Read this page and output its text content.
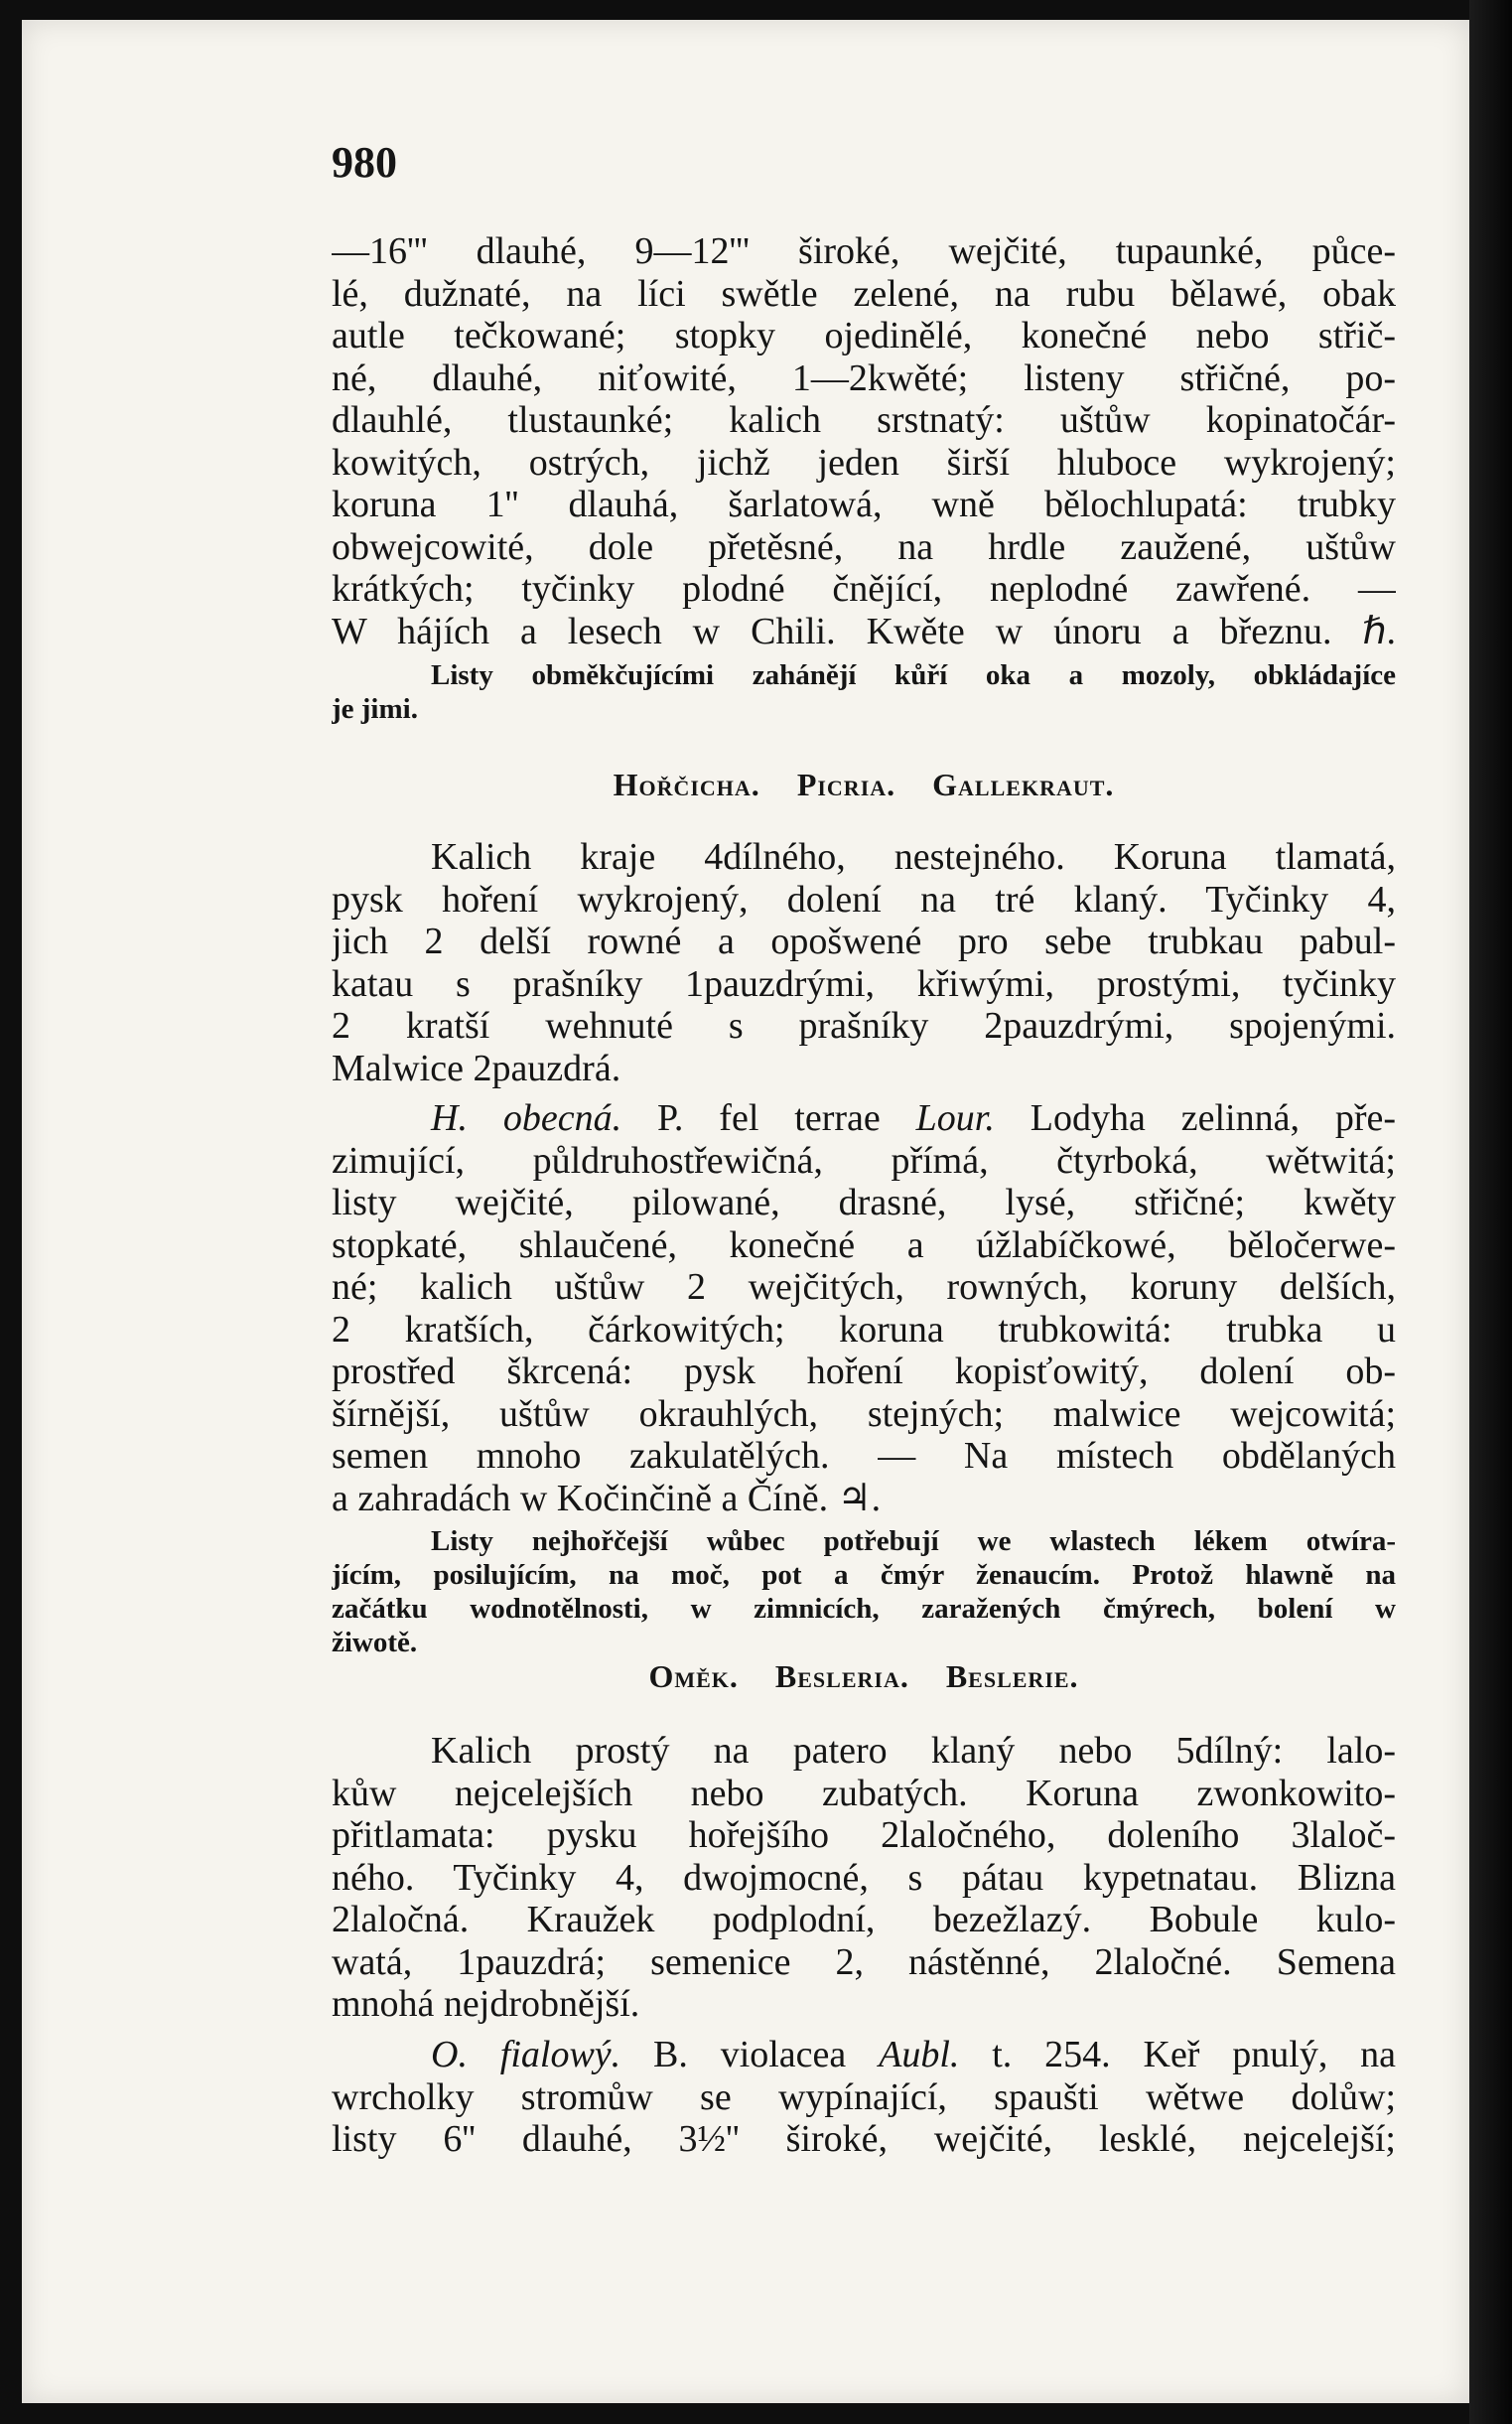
980
—16''' dlauhé, 9—12''' široké, wejčité, tupaunké, půce-
lé, dužnaté, na líci swětle zelené, na rubu bělawé, obak
autle tečkowané; stopky ojedinělé, konečné nebo střič-
né, dlauhé, niťowité, 1—2kwěté; listeny střičné, po-
dlauhlé, tlustaunké; kalich srstnatý: uštůw kopinatočár-
kowitých, ostrých, jichž jeden širší hluboce wykrojený;
koruna 1'' dlauhá, šarlatowá, wně bělochlupatá: trubky
obwejcowité, dole přetěsné, na hrdle zaužené, uštůw
krátkých; tyčinky plodné čnějící, neplodné zawřené. —
W hájích a lesech w Chili. Kwěte w únoru a březnu. ℏ.
Listy obměkčujícími zahánějí kůří oka a mozoly, obkládajíce
je jimi.
Hořčicha. Picria. Gallekraut.
Kalich kraje 4dílného, nestejného. Koruna tlamatá,
pysk hoření wykrojený, dolení na tré klaný. Tyčinky 4,
jich 2 delší rowné a opošwené pro sebe trubkau pabul-
katau s prašníky 1pauzdrými, křiwými, prostými, tyčinky
2 kratší wehnuté s prašníky 2pauzdrými, spojenými.
Malwice 2pauzdrá.
H. obecná. P. fel terrae Lour. Lodyha zelinná, pře-
zimující, půldruhostřewičná, přímá, čtyrboká, wětwitá;
listy wejčité, pilowané, drasné, lysé, střičné; kwěty
stopkaté, shlaučené, konečné a úžlabíčkowé, běločerwe-
né; kalich uštůw 2 wejčitých, rowných, koruny delších,
2 kratších, čárkowitých; koruna trubkowitá: trubka u
prostřed škrcená: pysk hoření kopisťowitý, dolení ob-
šírnější, uštůw okrauhlých, stejných; malwice wejcowitá;
semen mnoho zakulatělých. — Na místech obdělaných
a zahradách w Kočinčině a Číně. ♃.
Listy nejhořčejší wůbec potřebují we wlastech lékem otwíra-
jícím, posilujícím, na moč, pot a čmýr ženaucím. Protož hlawně na
začátku wodnotělnosti, w zimnicích, zaražených čmýrech, bolení w
žiwotě.
Oměk. Besleria. Beslerie.
Kalich prostý na patero klaný nebo 5dílný: lalo-
kůw nejcelejších nebo zubatých. Koruna zwonkowito-
přitlamata: pysku hořejšího 2laločného, doleního 3laloč-
ného. Tyčinky 4, dwojmocné, s pátau kypetnatau. Blizna
2laločná. Kraužek podplodní, bezežlazý. Bobule kulo-
watá, 1pauzdrá; semenice 2, nástěnné, 2laločné. Semena
mnohá nejdrobnější.
O. fialowý. B. violacea Aubl. t. 254. Keř pnulý, na
wrcholky stromůw se wypínající, spaušti wětwe dolůw;
listy 6'' dlauhé, 3½'' široké, wejčité, lesklé, nejcelejší;
